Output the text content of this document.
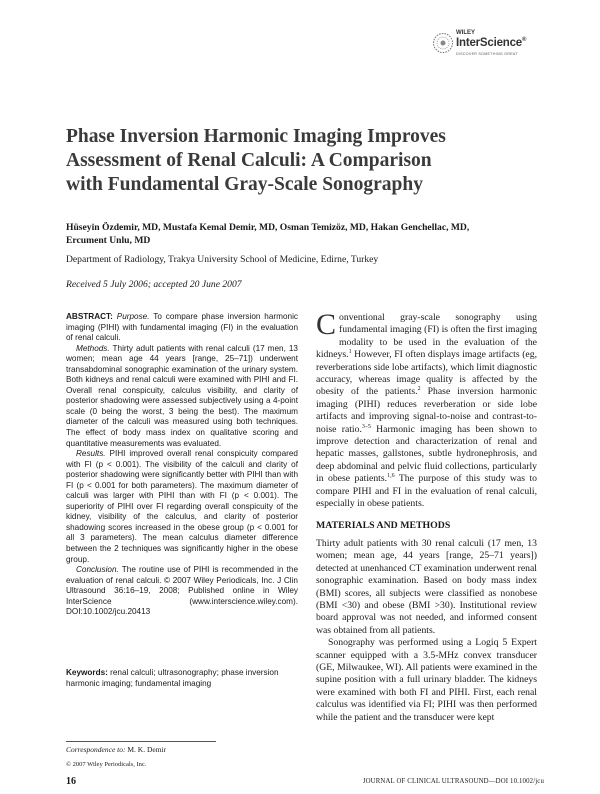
WILEY
InterScience®
DISCOVER SOMETHING GREAT
Phase Inversion Harmonic Imaging Improves
Assessment of Renal Calculi: A Comparison
with Fundamental Gray-Scale Sonography
Hüseyin Özdemir, MD, Mustafa Kemal Demir, MD, Osman Temizöz, MD, Hakan Genchellac, MD,
Ercument Unlu, MD
Department of Radiology, Trakya University School of Medicine, Edirne, Turkey
Received 5 July 2006; accepted 20 June 2007

ABSTRACT: Purpose. To compare phase inversion harmonic imaging (PIHI) with fundamental imaging (FI) in the evaluation of renal calculi.

Methods. Thirty adult patients with renal calculi (17 men, 13 women; mean age 44 years [range, 25–71]) underwent transabdominal sonographic examination of the urinary system. Both kidneys and renal calculi were examined with PIHI and FI. Overall renal conspicuity, calculus visibility, and clarity of posterior shadowing were assessed subjectively using a 4-point scale (0 being the worst, 3 being the best). The maximum diameter of the calculi was measured using both techniques. The effect of body mass index on qualitative scoring and quantitative measurements was evaluated.

Results. PIHI improved overall renal conspicuity compared with FI (p < 0.001). The visibility of the calculi and clarity of posterior shadowing were significantly better with PIHI than with FI (p < 0.001 for both parameters). The maximum diameter of calculi was larger with PIHI than with FI (p < 0.001). The superiority of PIHI over FI regarding overall conspicuity of the kidney, visibility of the calculus, and clarity of posterior shadowing scores increased in the obese group (p < 0.001 for all 3 parameters). The mean calculus diameter difference between the 2 techniques was significantly higher in the obese group.

Conclusion. The routine use of PIHI is recommended in the evaluation of renal calculi. © 2007 Wiley Periodicals, Inc. J Clin Ultrasound 36:16–19, 2008; Published online in Wiley InterScience (www.interscience.wiley.com). DOI:10.1002/jcu.20413

Keywords: renal calculi; ultrasonography; phase inversion harmonic imaging; fundamental imaging

Conventional gray-scale sonography using fundamental imaging (FI) is often the first imaging modality to be used in the evaluation of the kidneys.$^1$ However, FI often displays image artifacts (eg, reverberations side lobe artifacts), which limit diagnostic accuracy, whereas image quality is affected by the obesity of the patients.$^2$ Phase inversion harmonic imaging (PIHI) reduces reverberation or side lobe artifacts and improving signal-to-noise and contrast-to-noise ratio.$^{3-5}$ Harmonic imaging has been shown to improve detection and characterization of renal and hepatic masses, gallstones, subtle hydronephrosis, and deep abdominal and pelvic fluid collections, particularly in obese patients.$^{1,6}$ The purpose of this study was to compare PIHI and FI in the evaluation of renal calculi, especially in obese patients.

MATERIALS AND METHODS

Thirty adult patients with 30 renal calculi (17 men, 13 women; mean age, 44 years [range, 25–71 years]) detected at unenhanced CT examination underwent renal sonographic examination. Based on body mass index (BMI) scores, all subjects were classified as nonobese (BMI <30) and obese (BMI >30). Institutional review board approval was not needed, and informed consent was obtained from all patients.

Sonography was performed using a Logiq 5 Expert scanner equipped with a 3.5-MHz convex transducer (GE, Milwaukee, WI). All patients were examined in the supine position with a full urinary bladder. The kidneys were examined with both FI and PIHI. First, each renal calculus was identified via FI; PIHI was then performed while the patient and the transducer were kept

Correspondence to: M. K. Demir
© 2007 Wiley Periodicals, Inc.
16	JOURNAL OF CLINICAL ULTRASOUND—DOI 10.1002/jcu
